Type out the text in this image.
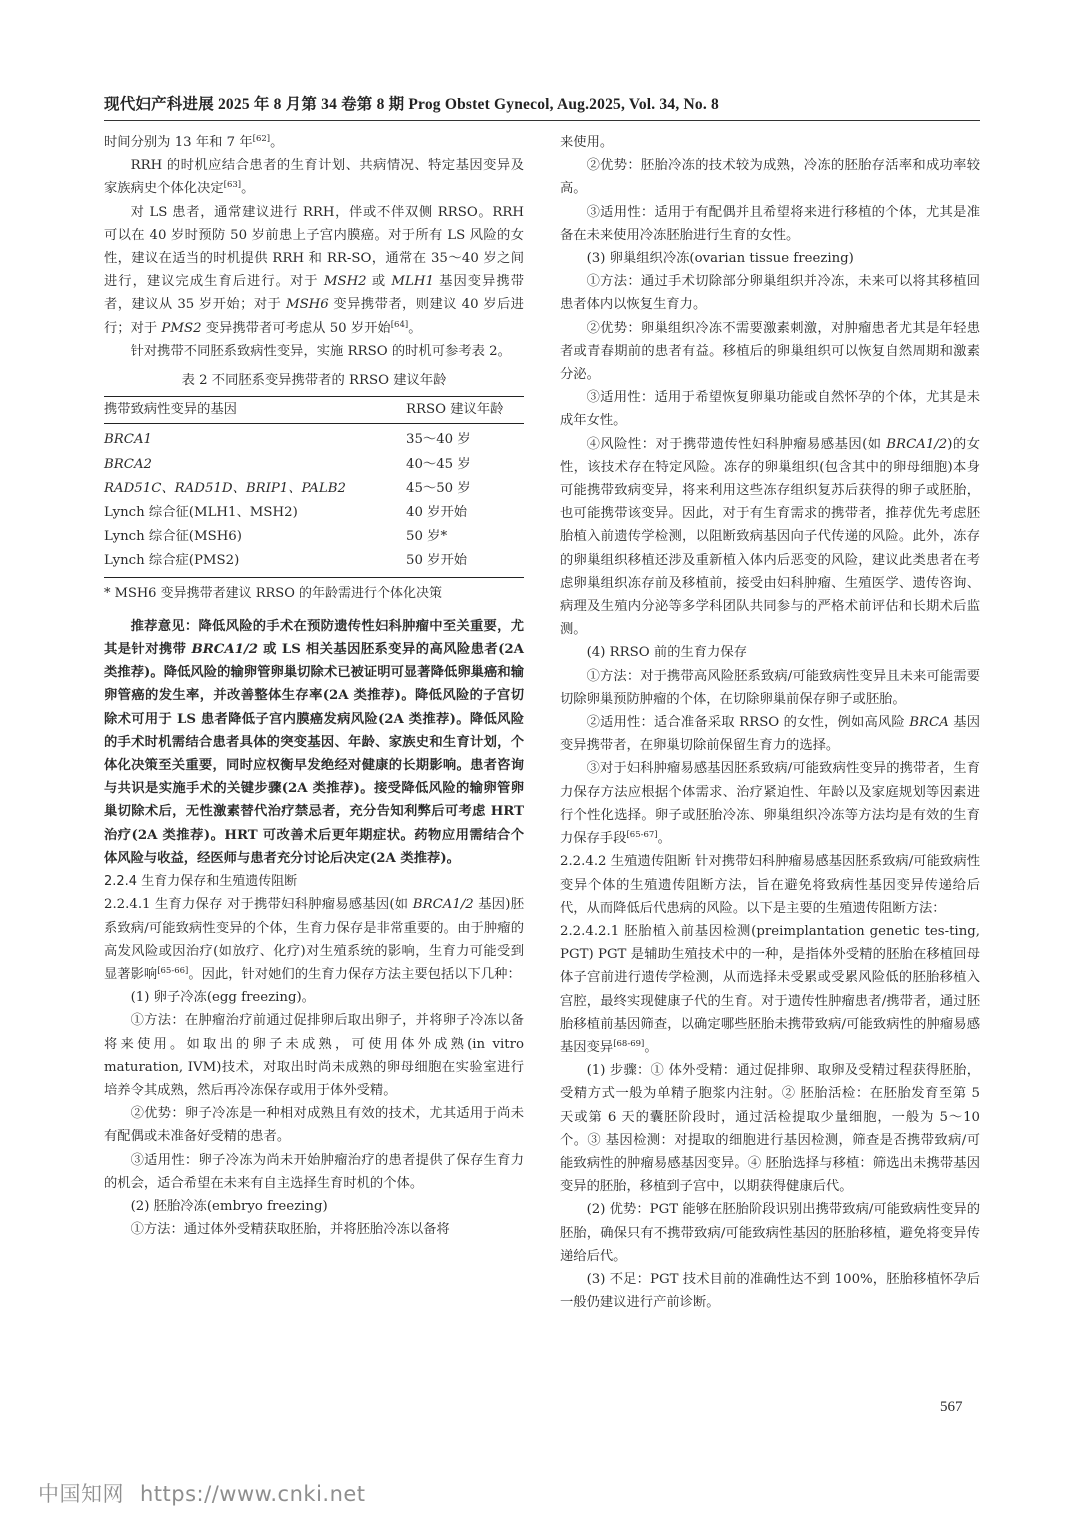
现代妇产科进展 2025 年 8 月第 34 卷第 8 期 Prog Obstet Gynecol, Aug.2025, Vol. 34, No. 8

时间分别为 13 年和 7 年[62]。

RRH 的时机应结合患者的生育计划、共病情况、特定基因变异及家族病史个体化决定[63]。

对 LS 患者，通常建议进行 RRH，伴或不伴双侧 RRSO。RRH 可以在 40 岁时预防 50 岁前患上子宫内膜癌。对于所有 LS 风险的女性，建议在适当的时机提供 RRH 和 RR-SO，通常在 35～40 岁之间进行，建议完成生育后进行。对于 MSH2 或 MLH1 基因变异携带者，建议从 35 岁开始；对于 MSH6 变异携带者，则建议 40 岁后进行；对于 PMS2 变异携带者可考虑从 50 岁开始[64]。

针对携带不同胚系致病性变异，实施 RRSO 的时机可参考表 2。

表 2 不同胚系变异携带者的 RRSO 建议年龄
携带致病性变异的基因	RRSO 建议年龄
BRCA1	35～40 岁
BRCA2	40～45 岁
RAD51C、RAD51D、BRIP1、PALB2	45～50 岁
Lynch 综合征(MLH1、MSH2)	40 岁开始
Lynch 综合征(MSH6)	50 岁*
Lynch 综合症(PMS2)	50 岁开始
* MSH6 变异携带者建议 RRSO 的年龄需进行个体化决策

推荐意见：降低风险的手术在预防遗传性妇科肿瘤中至关重要，尤其是针对携带 BRCA1/2 或 LS 相关基因胚系变异的高风险患者(2A 类推荐)。降低风险的输卵管卵巢切除术已被证明可显著降低卵巢癌和输卵管癌的发生率，并改善整体生存率(2A 类推荐)。降低风险的子宫切除术可用于 LS 患者降低子宫内膜癌发病风险(2A 类推荐)。降低风险的手术时机需结合患者具体的突变基因、年龄、家族史和生育计划，个体化决策至关重要，同时应权衡早发绝经对健康的长期影响。患者咨询与共识是实施手术的关键步骤(2A 类推荐)。接受降低风险的输卵管卵巢切除术后，无性激素替代治疗禁忌者，充分告知利弊后可考虑 HRT 治疗(2A 类推荐)。HRT 可改善术后更年期症状。药物应用需结合个体风险与收益，经医师与患者充分讨论后决定(2A 类推荐)。

2.2.4 生育力保存和生殖遗传阻断

2.2.4.1 生育力保存 对于携带妇科肿瘤易感基因(如 BRCA1/2 基因)胚系致病/可能致病性变异的个体，生育力保存是非常重要的。由于肿瘤的高发风险或因治疗(如放疗、化疗)对生殖系统的影响，生育力可能受到显著影响[65-66]。因此，针对她们的生育力保存方法主要包括以下几种：

(1) 卵子冷冻(egg freezing)。

①方法：在肿瘤治疗前通过促排卵后取出卵子，并将卵子冷冻以备将来使用。如取出的卵子未成熟，可使用体外成熟(in vitro maturation, IVM)技术，对取出时尚未成熟的卵母细胞在实验室进行培养令其成熟，然后再冷冻保存或用于体外受精。

②优势：卵子冷冻是一种相对成熟且有效的技术，尤其适用于尚未有配偶或未准备好受精的患者。

③适用性：卵子冷冻为尚未开始肿瘤治疗的患者提供了保存生育力的机会，适合希望在未来有自主选择生育时机的个体。

(2) 胚胎冷冻(embryo freezing)

①方法：通过体外受精获取胚胎，并将胚胎冷冻以备将

来使用。

②优势：胚胎冷冻的技术较为成熟，冷冻的胚胎存活率和成功率较高。

③适用性：适用于有配偶并且希望将来进行移植的个体，尤其是准备在未来使用冷冻胚胎进行生育的女性。

(3) 卵巢组织冷冻(ovarian tissue freezing)

①方法：通过手术切除部分卵巢组织并冷冻，未来可以将其移植回患者体内以恢复生育力。

②优势：卵巢组织冷冻不需要激素刺激，对肿瘤患者尤其是年轻患者或青春期前的患者有益。移植后的卵巢组织可以恢复自然周期和激素分泌。

③适用性：适用于希望恢复卵巢功能或自然怀孕的个体，尤其是未成年女性。

④风险性：对于携带遗传性妇科肿瘤易感基因(如 BRCA1/2)的女性，该技术存在特定风险。冻存的卵巢组织(包含其中的卵母细胞)本身可能携带致病变异，将来利用这些冻存组织复苏后获得的卵子或胚胎，也可能携带该变异。因此，对于有生育需求的携带者，推荐优先考虑胚胎植入前遗传学检测，以阻断致病基因向子代传递的风险。此外，冻存的卵巢组织移植还涉及重新植入体内后恶变的风险，建议此类患者在考虑卵巢组织冻存前及移植前，接受由妇科肿瘤、生殖医学、遗传咨询、病理及生殖内分泌等多学科团队共同参与的严格术前评估和长期术后监测。

(4) RRSO 前的生育力保存

①方法：对于携带高风险胚系致病/可能致病性变异且未来可能需要切除卵巢预防肿瘤的个体，在切除卵巢前保存卵子或胚胎。

②适用性：适合准备采取 RRSO 的女性，例如高风险 BRCA 基因变异携带者，在卵巢切除前保留生育力的选择。

③对于妇科肿瘤易感基因胚系致病/可能致病性变异的携带者，生育力保存方法应根据个体需求、治疗紧迫性、年龄以及家庭规划等因素进行个性化选择。卵子或胚胎冷冻、卵巢组织冷冻等方法均是有效的生育力保存手段[65-67]。

2.2.4.2 生殖遗传阻断 针对携带妇科肿瘤易感基因胚系致病/可能致病性变异个体的生殖遗传阻断方法，旨在避免将致病性基因变异传递给后代，从而降低后代患病的风险。以下是主要的生殖遗传阻断方法：

2.2.4.2.1 胚胎植入前基因检测(preimplantation genetic tes-ting, PGT) PGT 是辅助生殖技术中的一种，是指体外受精的胚胎在移植回母体子宫前进行遗传学检测，从而选择未受累或受累风险低的胚胎移植入宫腔，最终实现健康子代的生育。对于遗传性肿瘤患者/携带者，通过胚胎移植前基因筛查，以确定哪些胚胎未携带致病/可能致病性的肿瘤易感基因变异[68-69]。

(1) 步骤：① 体外受精：通过促排卵、取卵及受精过程获得胚胎，受精方式一般为单精子胞浆内注射。② 胚胎活检：在胚胎发育至第 5 天或第 6 天的囊胚阶段时，通过活检提取少量细胞，一般为 5～10 个。③ 基因检测：对提取的细胞进行基因检测，筛查是否携带致病/可能致病性的肿瘤易感基因变异。④ 胚胎选择与移植：筛选出未携带基因变异的胚胎，移植到子宫中，以期获得健康后代。

(2) 优势：PGT 能够在胚胎阶段识别出携带致病/可能致病性变异的胚胎，确保只有不携带致病/可能致病性基因的胚胎移植，避免将变异传递给后代。

(3) 不足：PGT 技术目前的准确性达不到 100%，胚胎移植怀孕后一般仍建议进行产前诊断。

567
中国知网 https://www.cnki.net
